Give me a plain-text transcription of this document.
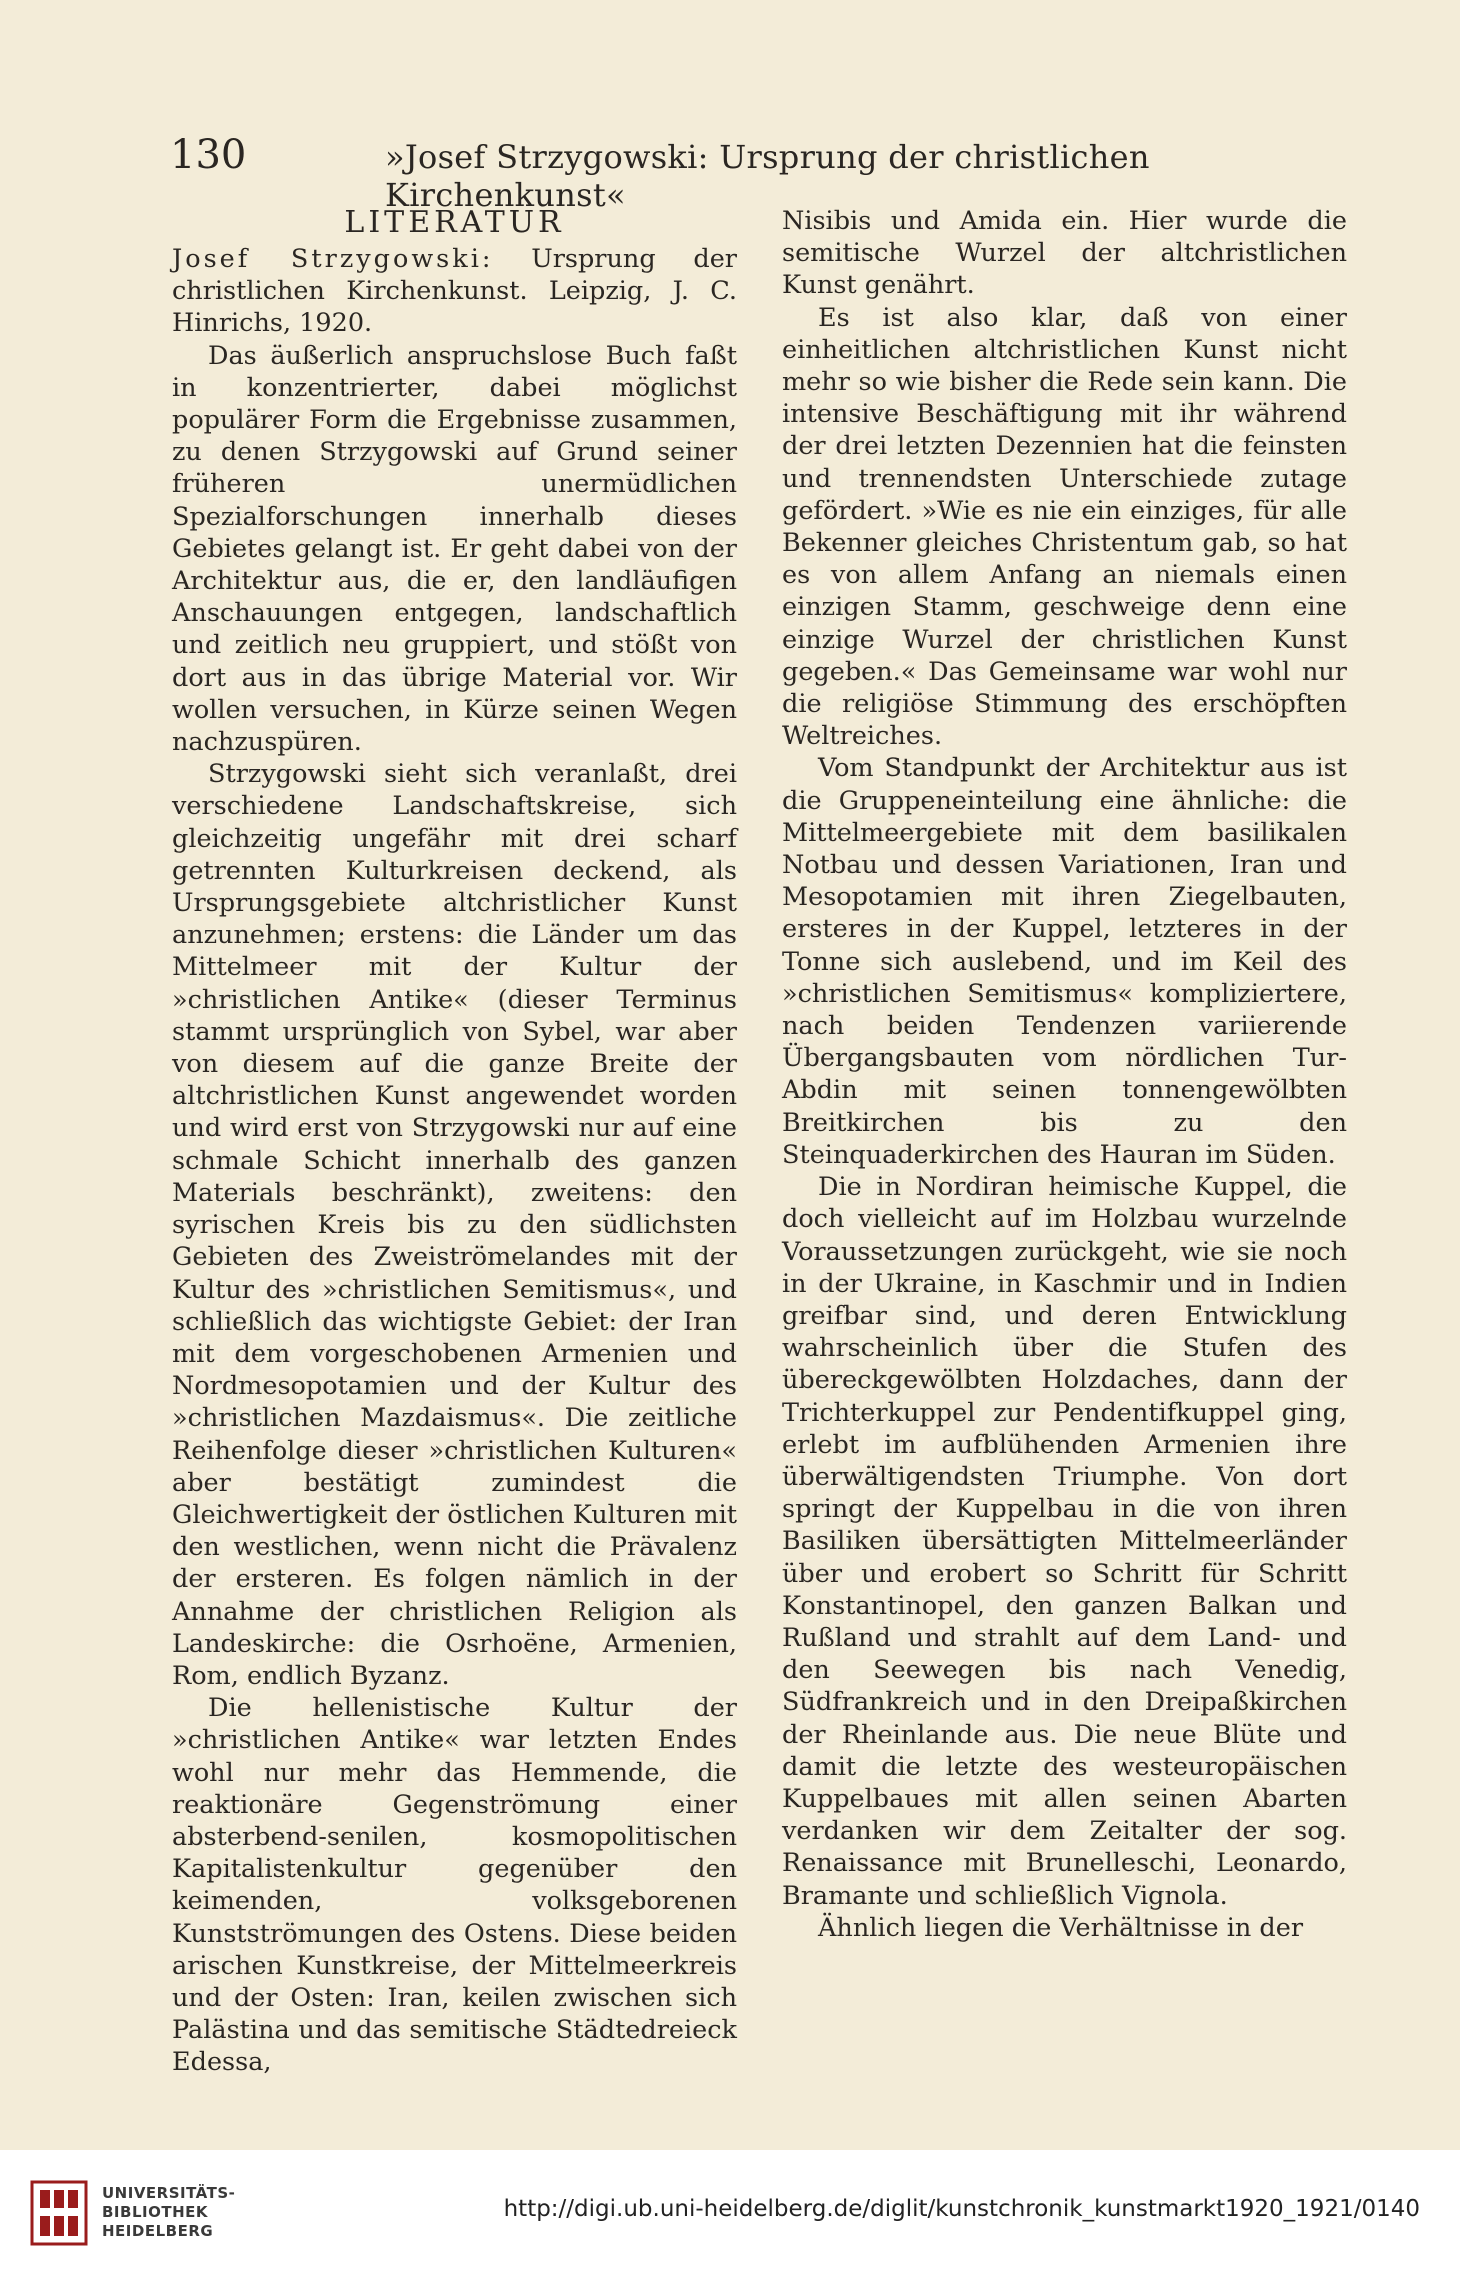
130	»Josef Strzygowski: Ursprung der christlichen Kirchenkunst«
LITERATUR

Josef Strzygowski: Ursprung der christlichen Kirchenkunst. Leipzig, J. C. Hinrichs, 1920.

Das äußerlich anspruchslose Buch faßt in konzentrierter, dabei möglichst populärer Form die Ergebnisse zusammen, zu denen Strzygowski auf Grund seiner früheren unermüdlichen Spezialforschungen innerhalb dieses Gebietes gelangt ist. Er geht dabei von der Architektur aus, die er, den landläufigen Anschauungen entgegen, landschaftlich und zeitlich neu gruppiert, und stößt von dort aus in das übrige Material vor. Wir wollen versuchen, in Kürze seinen Wegen nachzuspüren.

Strzygowski sieht sich veranlaßt, drei verschiedene Landschaftskreise, sich gleichzeitig ungefähr mit drei scharf getrennten Kulturkreisen deckend, als Ursprungsgebiete altchristlicher Kunst anzunehmen; erstens: die Länder um das Mittelmeer mit der Kultur der »christlichen Antike« (dieser Terminus stammt ursprünglich von Sybel, war aber von diesem auf die ganze Breite der altchristlichen Kunst angewendet worden und wird erst von Strzygowski nur auf eine schmale Schicht innerhalb des ganzen Materials beschränkt), zweitens: den syrischen Kreis bis zu den südlichsten Gebieten des Zweiströmelandes mit der Kultur des »christlichen Semitismus«, und schließlich das wichtigste Gebiet: der Iran mit dem vorgeschobenen Armenien und Nordmesopotamien und der Kultur des »christlichen Mazdaismus«. Die zeitliche Reihenfolge dieser »christlichen Kulturen« aber bestätigt zumindest die Gleichwertigkeit der östlichen Kulturen mit den westlichen, wenn nicht die Prävalenz der ersteren. Es folgen nämlich in der Annahme der christlichen Religion als Landeskirche: die Osrhoëne, Armenien, Rom, endlich Byzanz.

Die hellenistische Kultur der »christlichen Antike« war letzten Endes wohl nur mehr das Hemmende, die reaktionäre Gegenströmung einer absterbend-senilen, kosmopolitischen Kapitalistenkultur gegenüber den keimenden, volksgeborenen Kunstströmungen des Ostens. Diese beiden arischen Kunstkreise, der Mittelmeerkreis und der Osten: Iran, keilen zwischen sich Palästina und das semitische Städtedreieck Edessa,

Nisibis und Amida ein. Hier wurde die semitische Wurzel der altchristlichen Kunst genährt.

Es ist also klar, daß von einer einheitlichen altchristlichen Kunst nicht mehr so wie bisher die Rede sein kann. Die intensive Beschäftigung mit ihr während der drei letzten Dezennien hat die feinsten und trennendsten Unterschiede zutage gefördert. »Wie es nie ein einziges, für alle Bekenner gleiches Christentum gab, so hat es von allem Anfang an niemals einen einzigen Stamm, geschweige denn eine einzige Wurzel der christlichen Kunst gegeben.« Das Gemeinsame war wohl nur die religiöse Stimmung des erschöpften Weltreiches.

Vom Standpunkt der Architektur aus ist die Gruppeneinteilung eine ähnliche: die Mittelmeergebiete mit dem basilikalen Notbau und dessen Variationen, Iran und Mesopotamien mit ihren Ziegelbauten, ersteres in der Kuppel, letzteres in der Tonne sich auslebend, und im Keil des »christlichen Semitismus« kompliziertere, nach beiden Tendenzen variierende Übergangsbauten vom nördlichen Tur-Abdin mit seinen tonnengewölbten Breitkirchen bis zu den Steinquaderkirchen des Hauran im Süden.

Die in Nordiran heimische Kuppel, die doch vielleicht auf im Holzbau wurzelnde Voraussetzungen zurückgeht, wie sie noch in der Ukraine, in Kaschmir und in Indien greifbar sind, und deren Entwicklung wahrscheinlich über die Stufen des übereckgewölbten Holzdaches, dann der Trichterkuppel zur Pendentifkuppel ging, erlebt im aufblühenden Armenien ihre überwältigendsten Triumphe. Von dort springt der Kuppelbau in die von ihren Basiliken übersättigten Mittelmeerländer über und erobert so Schritt für Schritt Konstantinopel, den ganzen Balkan und Rußland und strahlt auf dem Land- und den Seewegen bis nach Venedig, Südfrankreich und in den Dreipaßkirchen der Rheinlande aus. Die neue Blüte und damit die letzte des westeuropäischen Kuppelbaues mit allen seinen Abarten verdanken wir dem Zeitalter der sog. Renaissance mit Brunelleschi, Leonardo, Bramante und schließlich Vignola.

Ähnlich liegen die Verhältnisse in der

UNIVERSITÄTS-
BIBLIOTHEK
HEIDELBERG
http://digi.ub.uni-heidelberg.de/diglit/kunstchronik_kunstmarkt1920_1921/0140
